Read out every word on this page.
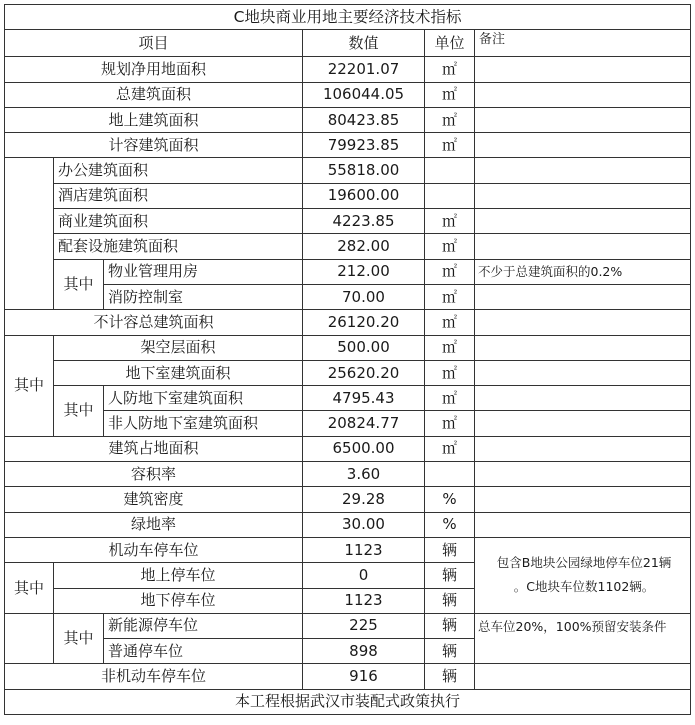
C地块商业用地主要经济技术指标					
项目			数值	单位	备注
规划净用地面积			22201.07	㎡	
总建筑面积			106044.05	㎡	
地上建筑面积			80423.85	㎡	
计容建筑面积			79923.85	㎡	
	办公建筑面积		55818.00		
	酒店建筑面积		19600.00		
	商业建筑面积		4223.85	㎡	
	配套设施建筑面积		282.00	㎡	
	其中	物业管理用房	212.00	㎡	不少于总建筑面积的0.2%
		消防控制室	70.00	㎡	
不计容总建筑面积			26120.20	㎡	
其中	架空层面积		500.00	㎡	
	地下室建筑面积		25620.20	㎡	
	其中	人防地下室建筑面积	4795.43	㎡	
		非人防地下室建筑面积	20824.77	㎡	
建筑占地面积			6500.00	㎡	
容积率			3.60		
建筑密度			29.28	%	
绿地率			30.00	%	
机动车停车位			1123	辆	包含B地块公园绿地停车位21辆
。C地块车位数1102辆。

其中	地上停车位		0	辆	
	地下停车位		1123	辆	
	其中	新能源停车位	225	辆	总车位20%，100%预留安装条件
		普通停车位	898	辆	
非机动车停车位			916	辆	
本工程根据武汉市装配式政策执行					
